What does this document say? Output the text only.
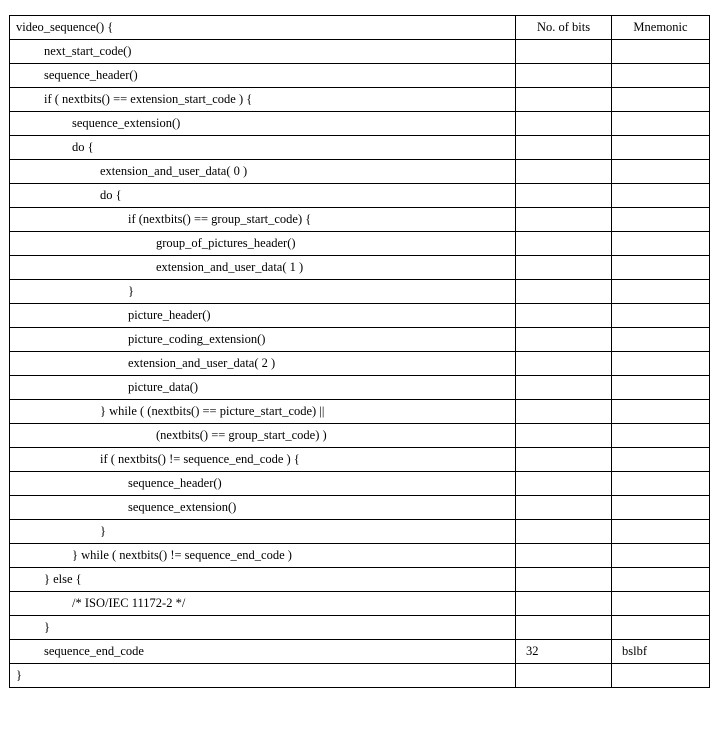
video_sequence() {	No. of bits	Mnemonic
next_start_code()		
sequence_header()		
if ( nextbits() == extension_start_code ) {		
sequence_extension()		
do {		
extension_and_user_data( 0 )		
do {		
if (nextbits() == group_start_code) {		
group_of_pictures_header()		
extension_and_user_data( 1 )		
}		
picture_header()		
picture_coding_extension()		
extension_and_user_data( 2 )		
picture_data()		
} while ( (nextbits() == picture_start_code) ||		
(nextbits() == group_start_code) )		
if ( nextbits() != sequence_end_code ) {		
sequence_header()		
sequence_extension()		
}		
} while ( nextbits() != sequence_end_code )		
} else {		
/* ISO/IEC 11172-2 */		
}		
sequence_end_code	32	bslbf
}		
